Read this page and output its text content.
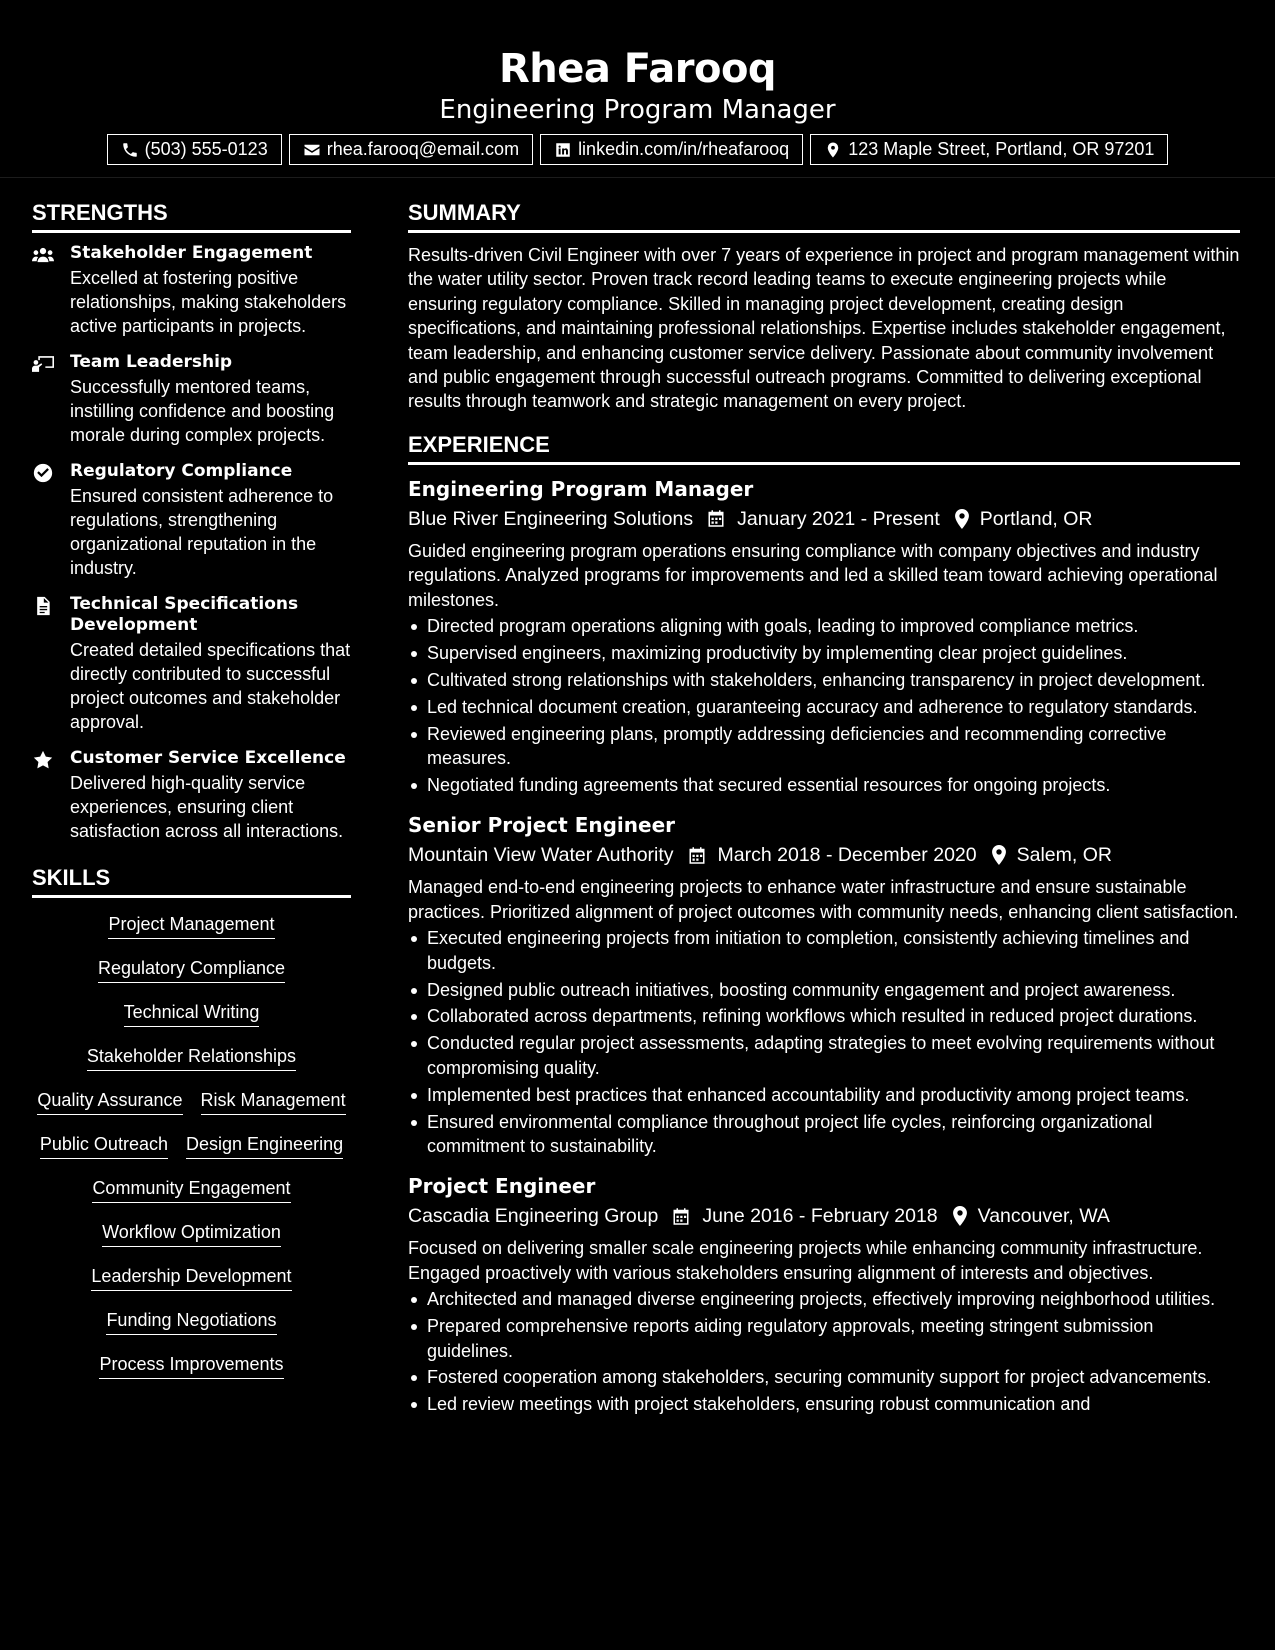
Rhea Farooq
Engineering Program Manager
(503) 555-0123	rhea.farooq@email.com	linkedin.com/in/rheafarooq	123 Maple Street, Portland, OR 97201
STRENGTHS
Stakeholder Engagement
Excelled at fostering positive relationships, making stakeholders active participants in projects.
Team Leadership
Successfully mentored teams, instilling confidence and boosting morale during complex projects.
Regulatory Compliance
Ensured consistent adherence to regulations, strengthening organizational reputation in the industry.
Technical Specifications Development
Created detailed specifications that directly contributed to successful project outcomes and stakeholder approval.
Customer Service Excellence
Delivered high-quality service experiences, ensuring client satisfaction across all interactions.
SKILLS
Project Management
Regulatory Compliance
Technical Writing
Stakeholder Relationships
Quality Assurance Risk Management
Public Outreach Design Engineering
Community Engagement
Workflow Optimization
Leadership Development
Funding Negotiations
Process Improvements
SUMMARY
Results-driven Civil Engineer with over 7 years of experience in project and program management within the water utility sector. Proven track record leading teams to execute engineering projects while ensuring regulatory compliance. Skilled in managing project development, creating design specifications, and maintaining professional relationships. Expertise includes stakeholder engagement, team leadership, and enhancing customer service delivery. Passionate about community involvement and public engagement through successful outreach programs. Committed to delivering exceptional results through teamwork and strategic management on every project.
EXPERIENCE
Engineering Program Manager
Blue River Engineering Solutions January 2021 - Present Portland, OR
Guided engineering program operations ensuring compliance with company objectives and industry regulations. Analyzed programs for improvements and led a skilled team toward achieving operational milestones.
Directed program operations aligning with goals, leading to improved compliance metrics.
Supervised engineers, maximizing productivity by implementing clear project guidelines.
Cultivated strong relationships with stakeholders, enhancing transparency in project development.
Led technical document creation, guaranteeing accuracy and adherence to regulatory standards.
Reviewed engineering plans, promptly addressing deficiencies and recommending corrective measures.
Negotiated funding agreements that secured essential resources for ongoing projects.
Senior Project Engineer
Mountain View Water Authority March 2018 - December 2020 Salem, OR
Managed end-to-end engineering projects to enhance water infrastructure and ensure sustainable practices. Prioritized alignment of project outcomes with community needs, enhancing client satisfaction.
Executed engineering projects from initiation to completion, consistently achieving timelines and budgets.
Designed public outreach initiatives, boosting community engagement and project awareness.
Collaborated across departments, refining workflows which resulted in reduced project durations.
Conducted regular project assessments, adapting strategies to meet evolving requirements without compromising quality.
Implemented best practices that enhanced accountability and productivity among project teams.
Ensured environmental compliance throughout project life cycles, reinforcing organizational commitment to sustainability.
Project Engineer
Cascadia Engineering Group June 2016 - February 2018 Vancouver, WA
Focused on delivering smaller scale engineering projects while enhancing community infrastructure. Engaged proactively with various stakeholders ensuring alignment of interests and objectives.
Architected and managed diverse engineering projects, effectively improving neighborhood utilities.
Prepared comprehensive reports aiding regulatory approvals, meeting stringent submission guidelines.
Fostered cooperation among stakeholders, securing community support for project advancements.
Led review meetings with project stakeholders, ensuring robust communication and
